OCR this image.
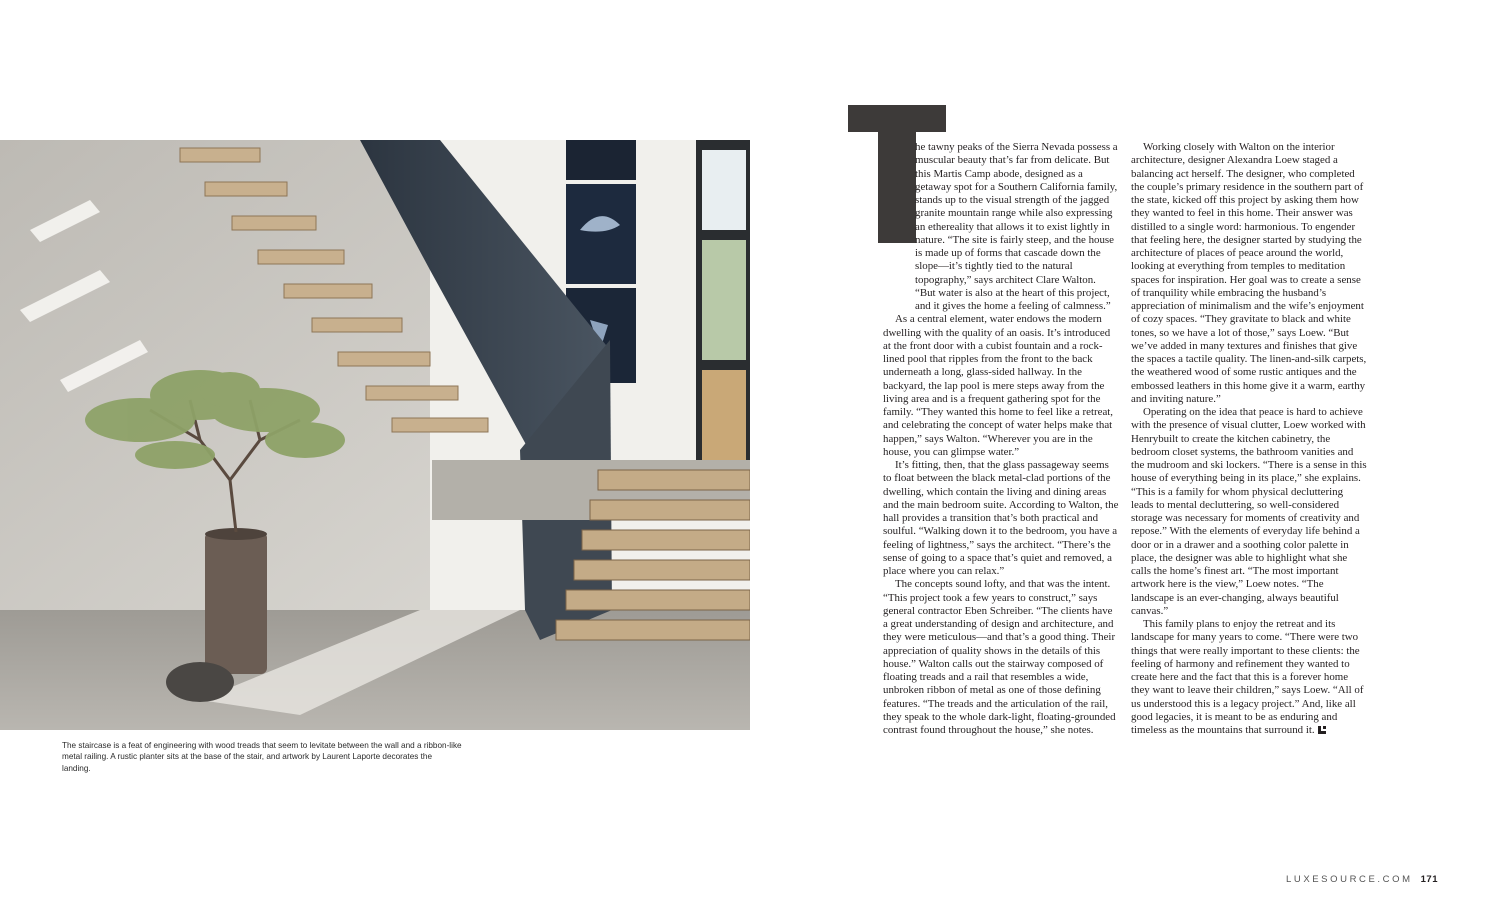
The staircase is a feat of engineering with wood treads that seem to levitate between the wall and a ribbon-like metal railing. A rustic planter sits at the base of the stair, and artwork by Laurent Laporte decorates the landing.
T

he tawny peaks of the Sierra Nevada possess a muscular beauty that’s far from delicate. But this Martis Camp abode, designed as a getaway spot for a Southern California family, stands up to the visual strength of the jagged granite mountain range while also expressing an ethereality that allows it to exist lightly in nature. “The site is fairly steep, and the house is made up of forms that cascade down the slope—it’s tightly tied to the natural topography,” says architect Clare Walton. “But water is also at the heart of this project, and it gives the home a feeling of calmness.”

As a central element, water endows the modern dwelling with the quality of an oasis. It’s introduced at the front door with a cubist fountain and a rock-lined pool that ripples from the front to the back underneath a long, glass-sided hallway. In the backyard, the lap pool is mere steps away from the living area and is a frequent gathering spot for the family. “They wanted this home to feel like a retreat, and celebrating the concept of water helps make that happen,” says Walton. “Wherever you are in the house, you can glimpse water.”

It’s fitting, then, that the glass passageway seems to float between the black metal-clad portions of the dwelling, which contain the living and dining areas and the main bedroom suite. According to Walton, the hall provides a transition that’s both practical and soulful. “Walking down it to the bedroom, you have a feeling of lightness,” says the architect. “There’s the sense of going to a space that’s quiet and removed, a place where you can relax.”

The concepts sound lofty, and that was the intent. “This project took a few years to construct,” says general contractor Eben Schreiber. “The clients have a great understanding of design and architecture, and they were meticulous—and that’s a good thing. Their appreciation of quality shows in the details of this house.” Walton calls out the stairway composed of floating treads and a rail that resembles a wide, unbroken ribbon of metal as one of those defining features. “The treads and the articulation of the rail, they speak to the whole dark-light, floating-grounded contrast found throughout the house,” she notes.

Working closely with Walton on the interior architecture, designer Alexandra Loew staged a balancing act herself. The designer, who completed the couple’s primary residence in the southern part of the state, kicked off this project by asking them how they wanted to feel in this home. Their answer was distilled to a single word: harmonious. To engender that feeling here, the designer started by studying the architecture of places of peace around the world, looking at everything from temples to meditation spaces for inspiration. Her goal was to create a sense of tranquility while embracing the husband’s appreciation of minimalism and the wife’s enjoyment of cozy spaces. “They gravitate to black and white tones, so we have a lot of those,” says Loew. “But we’ve added in many textures and finishes that give the spaces a tactile quality. The linen-and-silk carpets, the weathered wood of some rustic antiques and the embossed leathers in this home give it a warm, earthy and inviting nature.”

Operating on the idea that peace is hard to achieve with the presence of visual clutter, Loew worked with Henrybuilt to create the kitchen cabinetry, the bedroom closet systems, the bathroom vanities and the mudroom and ski lockers. “There is a sense in this house of everything being in its place,” she explains. “This is a family for whom physical decluttering leads to mental decluttering, so well-considered storage was necessary for moments of creativity and repose.” With the elements of everyday life behind a door or in a drawer and a soothing color palette in place, the designer was able to highlight what she calls the home’s finest art. “The most important artwork here is the view,” Loew notes. “The landscape is an ever-changing, always beautiful canvas.”

This family plans to enjoy the retreat and its landscape for many years to come. “There were two things that were really important to these clients: the feeling of harmony and refinement they wanted to create here and the fact that this is a forever home they want to leave their children,” says Loew. “All of us understood this is a legacy project.” And, like all good legacies, it is meant to be as enduring and timeless as the mountains that surround it.

LUXESOURCE.COM 171
